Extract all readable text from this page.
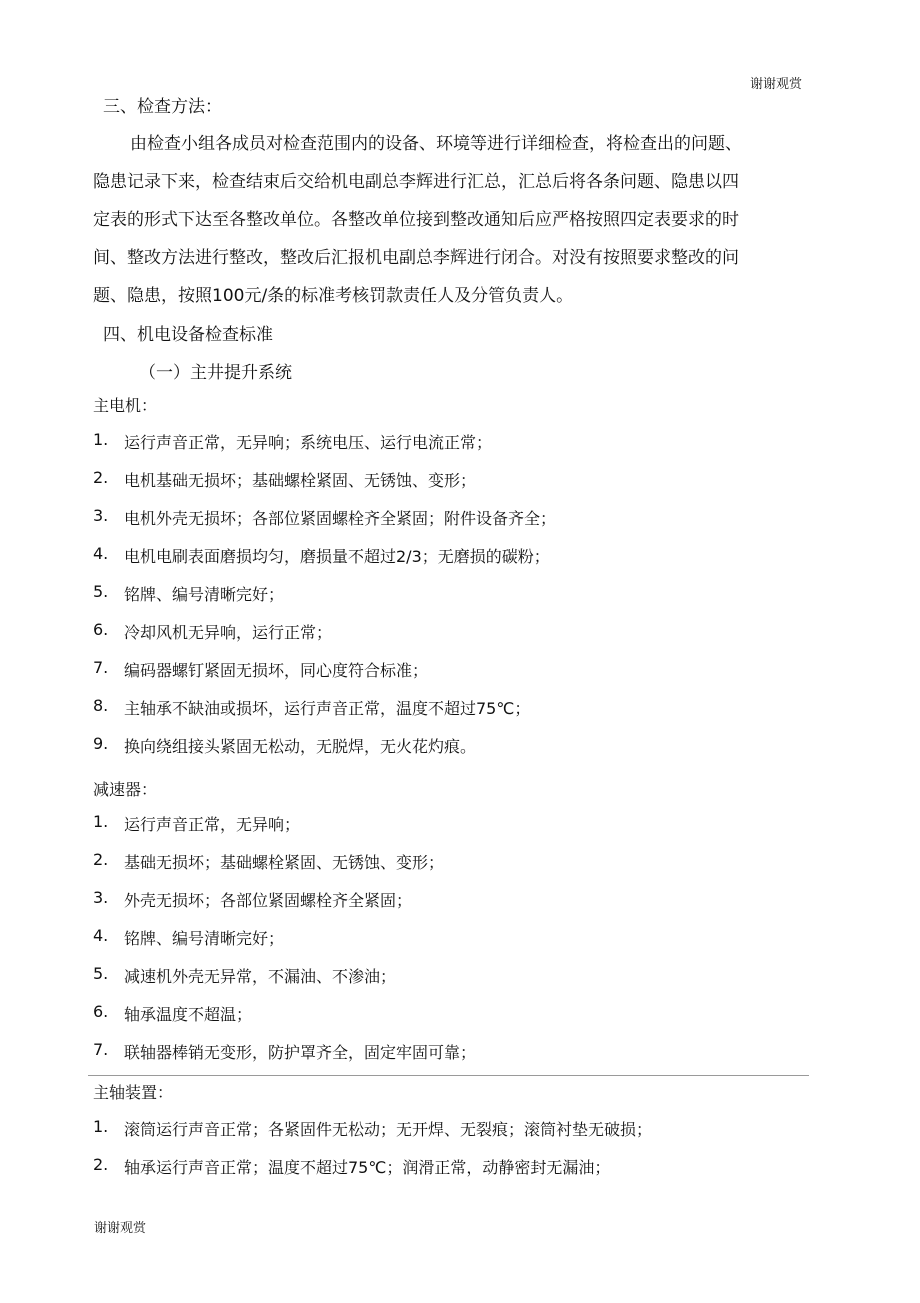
谢谢观赏
三、检查方法：
由检查小组各成员对检查范围内的设备、环境等进行详细检查，将检查出的问题、
隐患记录下来，检查结束后交给机电副总李辉进行汇总，汇总后将各条问题、隐患以四
定表的形式下达至各整改单位。各整改单位接到整改通知后应严格按照四定表要求的时
间、整改方法进行整改，整改后汇报机电副总李辉进行闭合。对没有按照要求整改的问
题、隐患，按照100元/条的标准考核罚款责任人及分管负责人。
四、机电设备检查标准
（一）主井提升系统
主电机：
1. 运行声音正常，无异响；系统电压、运行电流正常；
2. 电机基础无损坏；基础螺栓紧固、无锈蚀、变形；
3. 电机外壳无损坏；各部位紧固螺栓齐全紧固；附件设备齐全；
4. 电机电刷表面磨损均匀，磨损量不超过2/3；无磨损的碳粉；
5. 铭牌、编号清晰完好；
6. 冷却风机无异响，运行正常；
7. 编码器螺钉紧固无损坏，同心度符合标准；
8. 主轴承不缺油或损坏，运行声音正常，温度不超过75℃；
9. 换向绕组接头紧固无松动，无脱焊，无火花灼痕。
减速器：
1. 运行声音正常，无异响；
2. 基础无损坏；基础螺栓紧固、无锈蚀、变形；
3. 外壳无损坏；各部位紧固螺栓齐全紧固；
4. 铭牌、编号清晰完好；
5. 减速机外壳无异常，不漏油、不渗油；
6. 轴承温度不超温；
7. 联轴器棒销无变形，防护罩齐全，固定牢固可靠；
主轴装置：
1. 滚筒运行声音正常；各紧固件无松动；无开焊、无裂痕；滚筒衬垫无破损；
2. 轴承运行声音正常；温度不超过75℃；润滑正常，动静密封无漏油；
谢谢观赏
